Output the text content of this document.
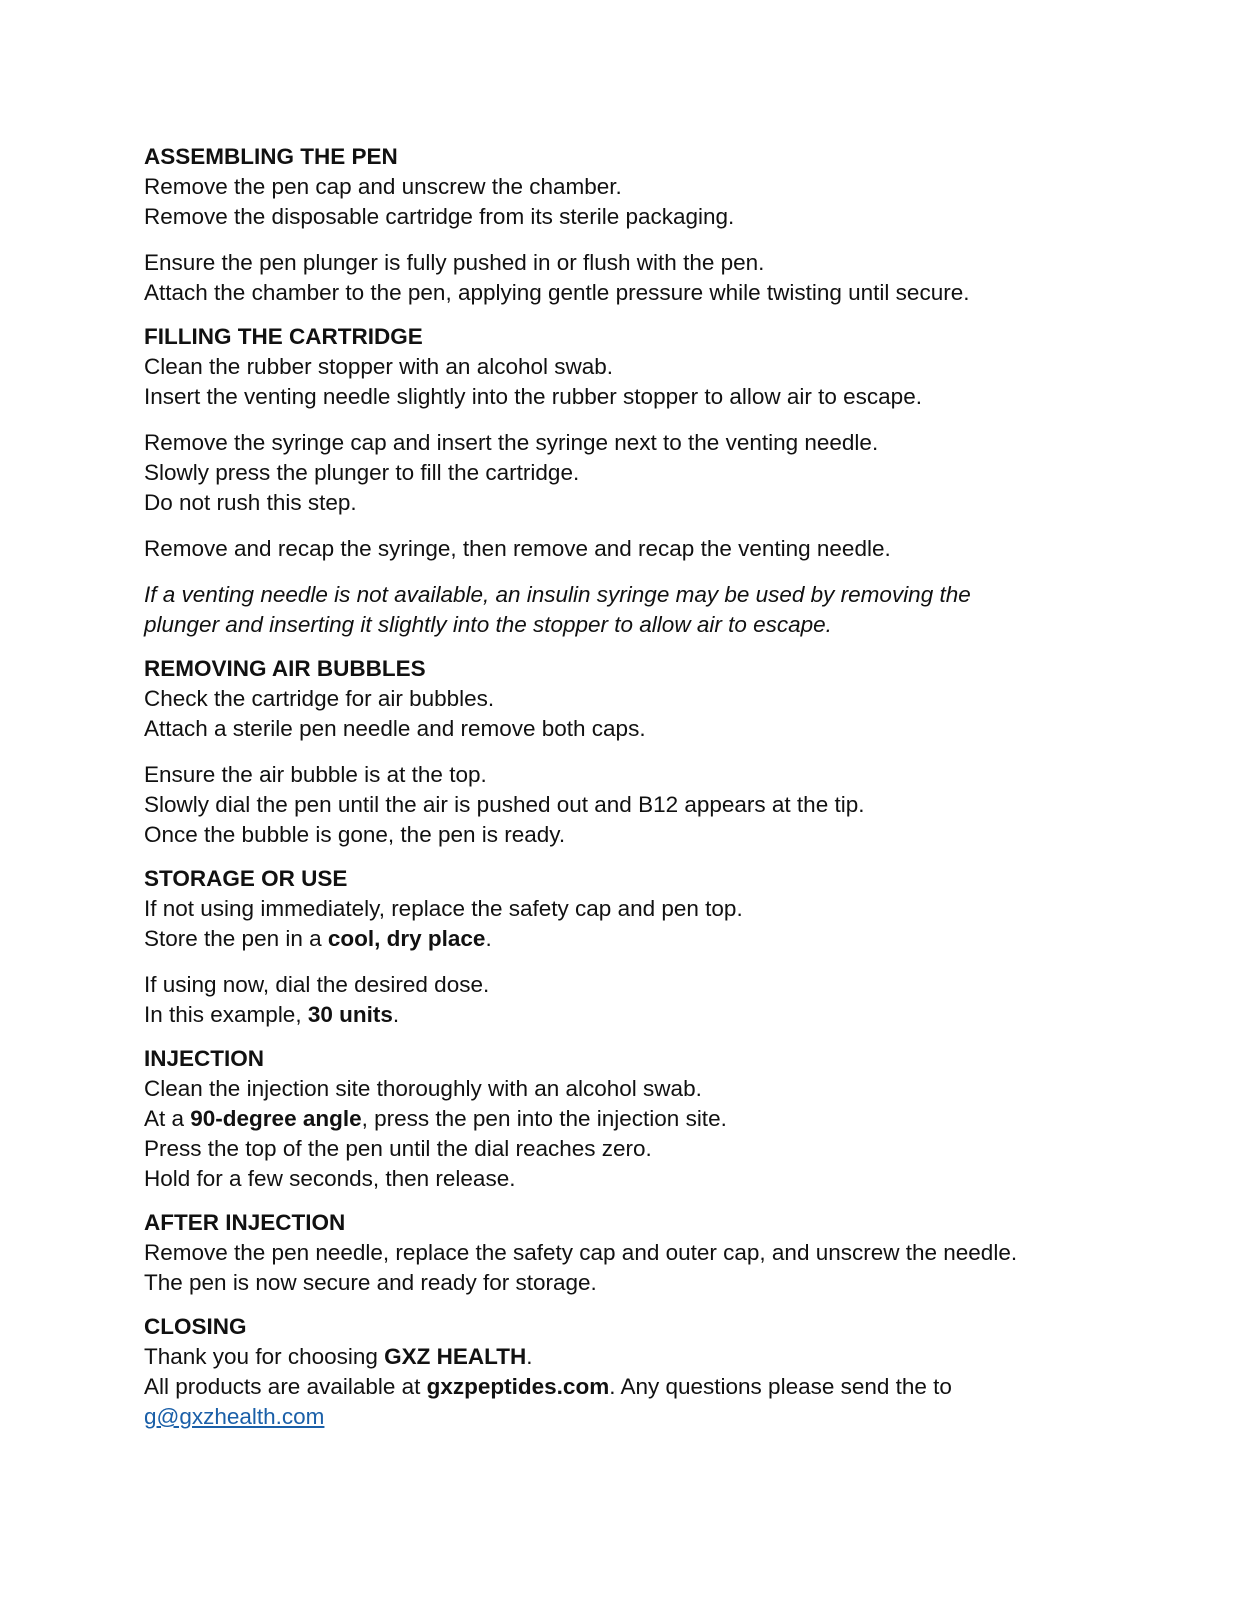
ASSEMBLING THE PEN
Remove the pen cap and unscrew the chamber.
Remove the disposable cartridge from its sterile packaging.
Ensure the pen plunger is fully pushed in or flush with the pen.
Attach the chamber to the pen, applying gentle pressure while twisting until secure.
FILLING THE CARTRIDGE
Clean the rubber stopper with an alcohol swab.
Insert the venting needle slightly into the rubber stopper to allow air to escape.
Remove the syringe cap and insert the syringe next to the venting needle.
Slowly press the plunger to fill the cartridge.
Do not rush this step.
Remove and recap the syringe, then remove and recap the venting needle.
If a venting needle is not available, an insulin syringe may be used by removing the
plunger and inserting it slightly into the stopper to allow air to escape.
REMOVING AIR BUBBLES
Check the cartridge for air bubbles.
Attach a sterile pen needle and remove both caps.
Ensure the air bubble is at the top.
Slowly dial the pen until the air is pushed out and B12 appears at the tip.
Once the bubble is gone, the pen is ready.
STORAGE OR USE
If not using immediately, replace the safety cap and pen top.
Store the pen in a cool, dry place.
If using now, dial the desired dose.
In this example, 30 units.
INJECTION
Clean the injection site thoroughly with an alcohol swab.
At a 90-degree angle, press the pen into the injection site.
Press the top of the pen until the dial reaches zero.
Hold for a few seconds, then release.
AFTER INJECTION
Remove the pen needle, replace the safety cap and outer cap, and unscrew the needle.
The pen is now secure and ready for storage.
CLOSING
Thank you for choosing GXZ HEALTH.
All products are available at gxzpeptides.com. Any questions please send the to
g@gxzhealth.com
